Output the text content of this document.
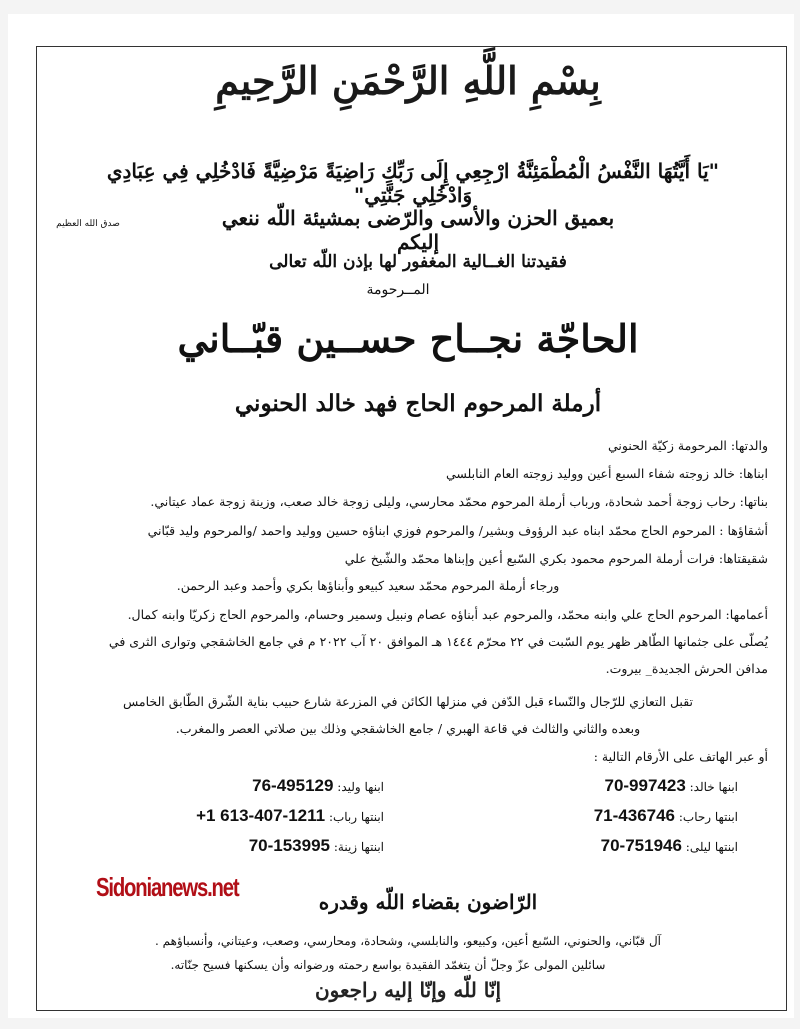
بِسْمِ اللَّهِ الرَّحْمَنِ الرَّحِيمِ
"يَا أَيَّتُهَا النَّفْسُ الْمُطْمَئِنَّةُ ارْجِعِي إِلَى رَبِّكِ رَاضِيَةً مَرْضِيَّةً فَادْخُلِي فِي عِبَادِي وَادْخُلِي جَنَّتِي"
صدق الله العظيم	بعميق الحزن والأسى والرّضى بمشيئة اللّه ننعي إليكم
فقيدتنا الغــالية المغفور لها بإذن اللّه تعالى
المــرحومة
الحاجّة نجــاح حســين قبّــاني
أرملة المرحوم الحاج فهد خالد الحنوني
والدتها: المرحومة زكيّة الحنوني
ابناها: خالد زوجته شفاء السبع أعين ووليد زوجته العام النابلسي
بناتها: رحاب زوجة أحمد شحادة، ورباب أرملة المرحوم محمّد محارسي، وليلى زوجة خالد صعب، وزينة زوجة عماد عيتاني.
أشقاؤها : المرحوم الحاج محمّد ابناه عبد الرؤوف وبشير/ والمرحوم فوزي ابناؤه حسين ووليد واحمد /والمرحوم وليد قبّاني
شقيقتاها: فرات أرملة المرحوم محمود بكري السّبع أعين وإبناها محمّد والشّيخ علي
ورجاء أرملة المرحوم محمّد سعيد كبيعو وأبناؤها بكري وأحمد وعبد الرحمن.
أعمامها: المرحوم الحاج علي وابنه محمّد، والمرحوم عبد أبناؤه عصام ونبيل وسمير وحسام، والمرحوم الحاج زكريّا وابنه كمال.
يُصلّى على جثمانها الطّاهر ظهر يوم السّبت في ٢٢ محرّم ١٤٤٤ هـ الموافق ٢٠ آب ٢٠٢٢ م في جامع الخاشقجي وتوارى الثرى في
مدافن الحرش الجديدة_ بيروت.
تقبل التعازي للرّجال والنّساء قبل الدّفن في منزلها الكائن في المزرعة شارع حبيب بناية الشّرق الطّابق الخامس
وبعده والثاني والثالث في قاعة الهبري / جامع الخاشقجي وذلك بين صلاتي العصر والمغرب.
أو عبر الهاتف على الأرقام التالية :
ابنها خالد: 70-997423
ابنها وليد: 76-495129
ابنتها رحاب: 71-436746
ابنتها رباب: +1 613-407-1211
ابنتها ليلى: 70-751946
ابنتها زينة: 70-153995
Sidonianews.net	الرّاضون بقضاء اللّه وقدره
آل قبّاني، والحنوني، السّبع أعين، وكبيعو، والنابلسي، وشحادة، ومحارسي، وصعب، وعيتاني، وأنسباؤهم .
سائلين المولى عزّ وجلّ أن يتغمّد الفقيدة بواسع رحمته ورضوانه وأن يسكنها فسيح جنّاته.
إنّا للّه وإنّا إليه راجعون
